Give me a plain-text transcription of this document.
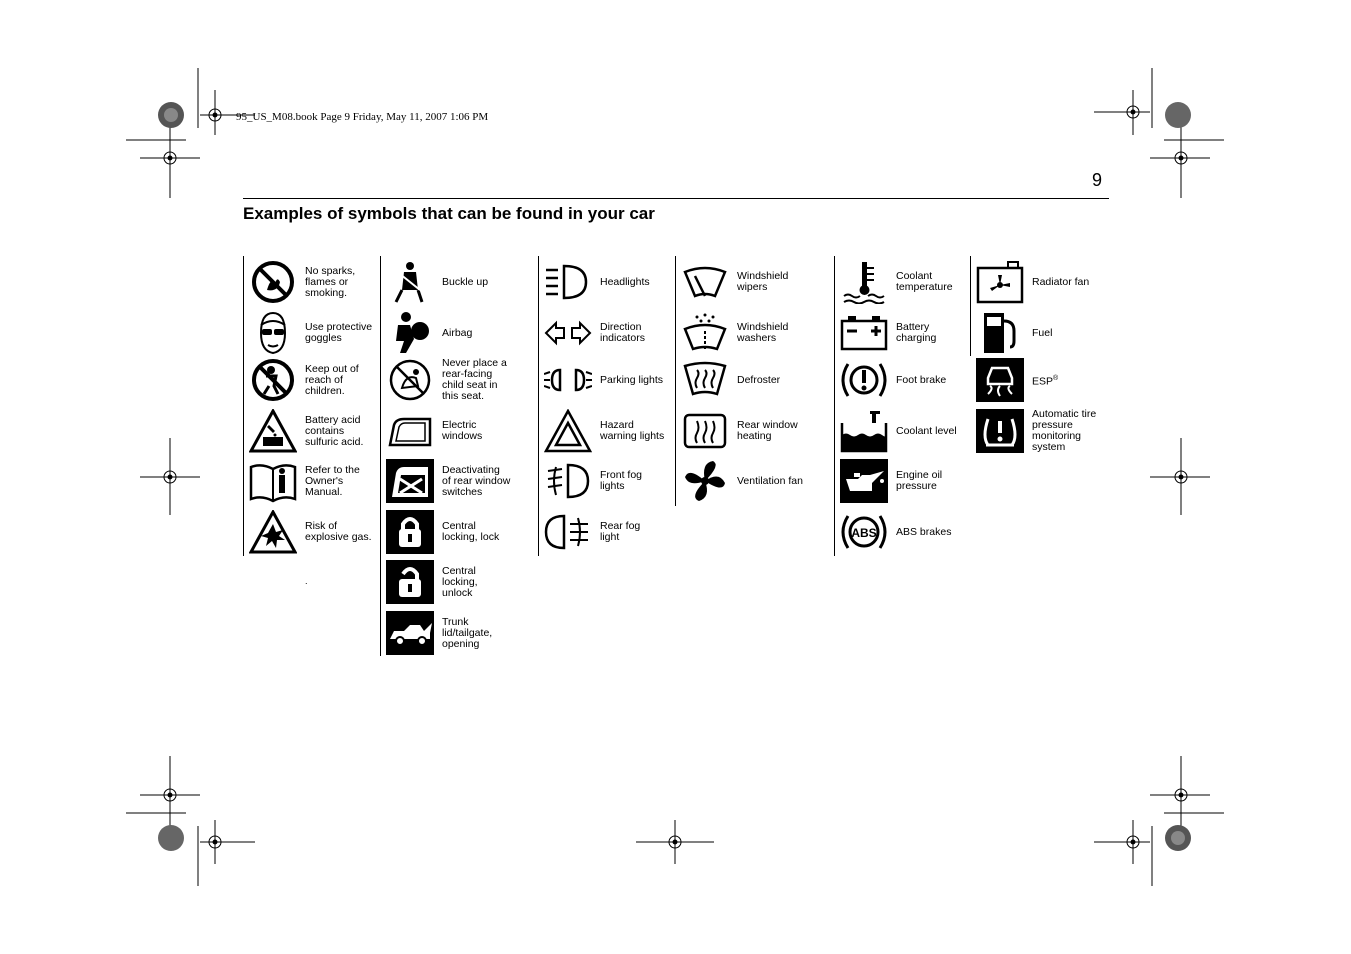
95_US_M08.book Page 9 Friday, May 11, 2007 1:06 PM
9
Examples of symbols that can be found in your car
No sparks,
flames or
smoking.
Use protective
goggles
Keep out of
reach of
children.
Battery acid
contains
sulfuric acid.
Refer to the
Owner's
Manual.
Risk of
explosive gas.
.
Buckle up
Airbag
Never place a
rear-facing
child seat in
this seat.
Electric
windows
Deactivating
of rear window
switches
Central
locking, lock
Central
locking,
unlock
Trunk
lid/tailgate,
opening
Headlights
Direction
indicators
Parking lights
Hazard
warning lights
Front fog
lights
Rear fog
light
Windshield
wipers
Windshield
washers
Defroster
Rear window
heating
Ventilation fan
Coolant
temperature
Battery
charging
Foot brake
Coolant level
Engine oil
pressure
ABS ABS brakes
Radiator fan
Fuel
ESP®
Automatic tire
pressure
monitoring
system
